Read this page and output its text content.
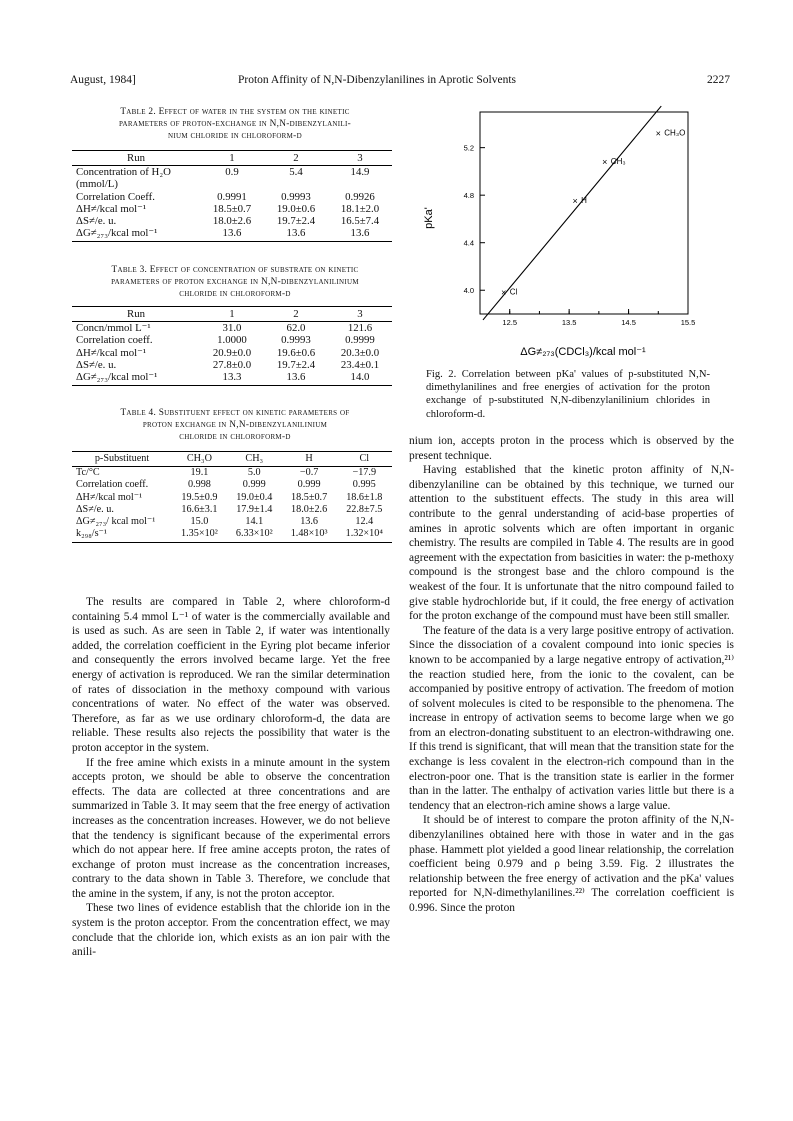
August, 1984]	Proton Affinity of N,N-Dibenzylanilines in Aprotic Solvents	2227
Table 2. Effect of water in the system on the kinetic
parameters of proton-exchange in N,N-dibenzylanili-
nium chloride in chloroform-d
Run	1	2	3
Concentration of H₂O (mmol/L)	0.9	5.4	14.9
Correlation Coeff.	0.9991	0.9993	0.9926
ΔH≠/kcal mol⁻¹	18.5±0.7	19.0±0.6	18.1±2.0
ΔS≠/e. u.	18.0±2.6	19.7±2.4	16.5±7.4
ΔG≠₂₇₃/kcal mol⁻¹	13.6	13.6	13.6
Table 3. Effect of concentration of substrate on kinetic
parameters of proton exchange in N,N-dibenzylanilinium
chloride in chloroform-d
Run	1	2	3
Concn/mmol L⁻¹	31.0	62.0	121.6
Correlation coeff.	1.0000	0.9993	0.9999
ΔH≠/kcal mol⁻¹	20.9±0.0	19.6±0.6	20.3±0.0
ΔS≠/e. u.	27.8±0.0	19.7±2.4	23.4±0.1
ΔG≠₂₇₃/kcal mol⁻¹	13.3	13.6	14.0
Table 4. Substituent effect on kinetic parameters of
proton exchange in N,N-dibenzylanilinium
chloride in chloroform-d
p-Substituent	CH₃O	CH₃	H	Cl
Tc/°C	19.1	5.0	−0.7	−17.9
Correlation coeff.	0.998	0.999	0.999	0.995
ΔH≠/kcal mol⁻¹	19.5±0.9	19.0±0.4	18.5±0.7	18.6±1.8
ΔS≠/e. u.	16.6±3.1	17.9±1.4	18.0±2.6	22.8±7.5
ΔG≠₂₇₃/ kcal mol⁻¹	15.0	14.1	13.6	12.4
k₂₉₈/s⁻¹	1.35×10²	6.33×10²	1.48×10³	1.32×10⁴

The results are compared in Table 2, where chloroform-d containing 5.4 mmol L⁻¹ of water is the commercially available and is used as such. As are seen in Table 2, if water was intentionally added, the correlation coefficient in the Eyring plot became inferior and consequently the errors involved became large. Yet the free energy of activation is reproduced. We ran the similar determination of rates of dissociation in the methoxy compound with various concentrations of water. No effect of the water was observed. Therefore, as far as we use ordinary chloroform-d, the data are reliable. These results also rejects the possibility that water is the proton acceptor in the system.

If the free amine which exists in a minute amount in the system accepts proton, we should be able to observe the concentration effects. The data are collected at three concentrations and are summarized in Table 3. It may seem that the free energy of activation increases as the concentration increases. However, we do not believe that the tendency is significant because of the experimental errors which do not appear here. If free amine accepts proton, the rates of exchange of proton must increase as the concentration increases, contrary to the data shown in Table 3. Therefore, we conclude that the amine in the system, if any, is not the proton acceptor.

These two lines of evidence establish that the chloride ion in the system is the proton acceptor. From the concentration effect, we may conclude that the chloride ion, which exists as an ion pair with the anili-

12.5	13.5	14.5	15.5
4.0
4.4
4.8
5.2
× Cl
× H
× CH₃
× CH₃O
pKa'
ΔG≠₂₇₃(CDCl₃)/kcal mol⁻¹
Fig. 2. Correlation between pKa' values of p-substituted N,N-dimethylanilines and free energies of activation for the proton exchange of p-substituted N,N-dibenzylanilinium chlorides in chloroform-d.

nium ion, accepts proton in the process which is observed by the present technique.

Having established that the kinetic proton affinity of N,N-dibenzylaniline can be obtained by this technique, we turned our attention to the substituent effects. The study in this area will contribute to the genral understanding of acid-base properties of amines in aprotic solvents which are often important in organic chemistry. The results are compiled in Table 4. The results are in good agreement with the expectation from basicities in water: the p-methoxy compound is the strongest base and the chloro compound is the weakest of the four. It is unfortunate that the nitro compound failed to give stable hydrochloride but, if it could, the free energy of activation for the proton exchange of the compound must have been still smaller.

The feature of the data is a very large positive entropy of activation. Since the dissociation of a covalent compound into ionic species is known to be accompanied by a large negative entropy of activation,²¹⁾ the reaction studied here, from the ionic to the covalent, can be accompanied by positive entropy of activation. The freedom of motion of solvent molecules is cited to be responsible to the phenomena. The increase in entropy of activation seems to become large when we go from an electron-donating substituent to an electron-withdrawing one. If this trend is significant, that will mean that the transition state for the exchange is less covalent in the electron-rich compound than in the electron-poor one. That is the transition state is earlier in the former than in the latter. The enthalpy of activation varies little but there is a tendency that an electron-rich amine shows a large value.

It should be of interest to compare the proton affinity of the N,N-dibenzylanilines obtained here with those in water and in the gas phase. Hammett plot yielded a good linear relationship, the correlation coefficient being 0.979 and ρ being 3.59. Fig. 2 illustrates the relationship between the free energy of activation and the pKa' values reported for N,N-dimethylanilines.²²⁾ The correlation coefficient is 0.996. Since the proton
